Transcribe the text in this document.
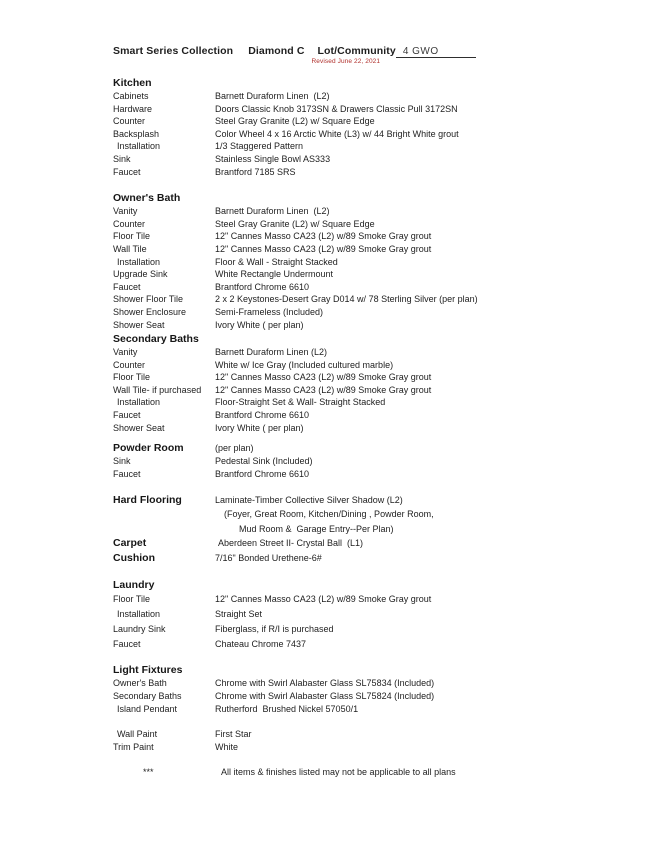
Smart Series Collection Diamond C Lot/Community 4 GWO
Revised June 22, 2021
Kitchen
Cabinets	Barnett Duraform Linen  (L2)
Hardware	Doors Classic Knob 3173SN & Drawers Classic Pull 3172SN
Counter	Steel Gray Granite (L2) w/ Square Edge
Backsplash	Color Wheel 4 x 16 Arctic White (L3) w/ 44 Bright White grout
Installation	1/3 Staggered Pattern
Sink	Stainless Single Bowl AS333
Faucet	Brantford 7185 SRS
Owner's Bath
Vanity	Barnett Duraform Linen  (L2)
Counter	Steel Gray Granite (L2) w/ Square Edge
Floor Tile	12" Cannes Masso CA23 (L2) w/89 Smoke Gray grout
Wall Tile	12" Cannes Masso CA23 (L2) w/89 Smoke Gray grout
Installation	Floor & Wall - Straight Stacked
Upgrade Sink	White Rectangle Undermount
Faucet	Brantford Chrome 6610
Shower Floor Tile	2 x 2 Keystones-Desert Gray D014 w/ 78 Sterling Silver (per plan)
Shower Enclosure	Semi-Frameless (Included)
Shower Seat	Ivory White ( per plan)
Secondary Baths
Vanity	Barnett Duraform Linen (L2)
Counter	White w/ Ice Gray (Included cultured marble)
Floor Tile	12" Cannes Masso CA23 (L2) w/89 Smoke Gray grout
Wall Tile- if purchased	12" Cannes Masso CA23 (L2) w/89 Smoke Gray grout
Installation	Floor-Straight Set & Wall- Straight Stacked
Faucet	Brantford Chrome 6610
Shower Seat	Ivory White ( per plan)
Powder Room	(per plan)
Sink	Pedestal Sink (Included)
Faucet	Brantford Chrome 6610
Hard Flooring	Laminate-Timber Collective Silver Shadow (L2)
(Foyer, Great Room, Kitchen/Dining , Powder Room,
Mud Room &  Garage Entry--Per Plan)
Carpet	Aberdeen Street II- Crystal Ball  (L1)
Cushion	7/16" Bonded Urethene-6#
Laundry
Floor Tile	12" Cannes Masso CA23 (L2) w/89 Smoke Gray grout
Installation	Straight Set
Laundry Sink	Fiberglass, if R/I is purchased
Faucet	Chateau Chrome 7437
Light Fixtures
Owner's Bath	Chrome with Swirl Alabaster Glass SL75834 (Included)
Secondary Baths	Chrome with Swirl Alabaster Glass SL75824 (Included)
Island Pendant	Rutherford  Brushed Nickel 57050/1
Wall Paint	First Star
Trim Paint	White
***	All items & finishes listed may not be applicable to all plans
